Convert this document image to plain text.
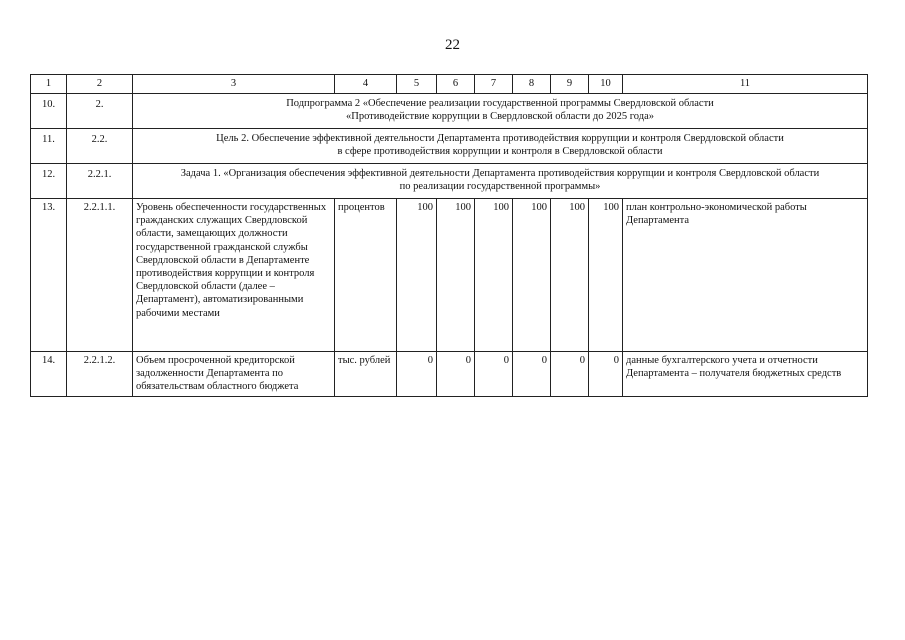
22
1	2	3	4	5	6	7	8	9	10	11
10.	2.	Подпрограмма 2 «Обеспечение реализации государственной программы Свердловской области
«Противодействие коррупции в Свердловской области до 2025 года»								

11.	2.2.	Цель 2. Обеспечение эффективной деятельности Департамента противодействия коррупции и контроля Свердловской области
в сфере противодействия коррупции и контроля в Свердловской области								

12.	2.2.1.	Задача 1. «Организация обеспечения эффективной деятельности Департамента противодействия коррупции и контроля Свердловской области
по реализации государственной программы»								

13.	2.2.1.1.	Уровень обеспеченности государственных гражданских служащих Свердловской области, замещающих должности государственной гражданской службы Свердловской области в Департаменте противодействия коррупции и контроля Свердловской области (далее –Департамент), автоматизированными рабочими местами	процентов	100	100	100	100	100	100	план контрольно-экономической работы Департамента
14.	2.2.1.2.	Объем просроченной кредиторской задолженности Департамента по обязательствам областного бюджета	тыс. рублей	0	0	0	0	0	0	данные бухгалтерского учета и отчетности Департамента – получателя бюджетных средств
